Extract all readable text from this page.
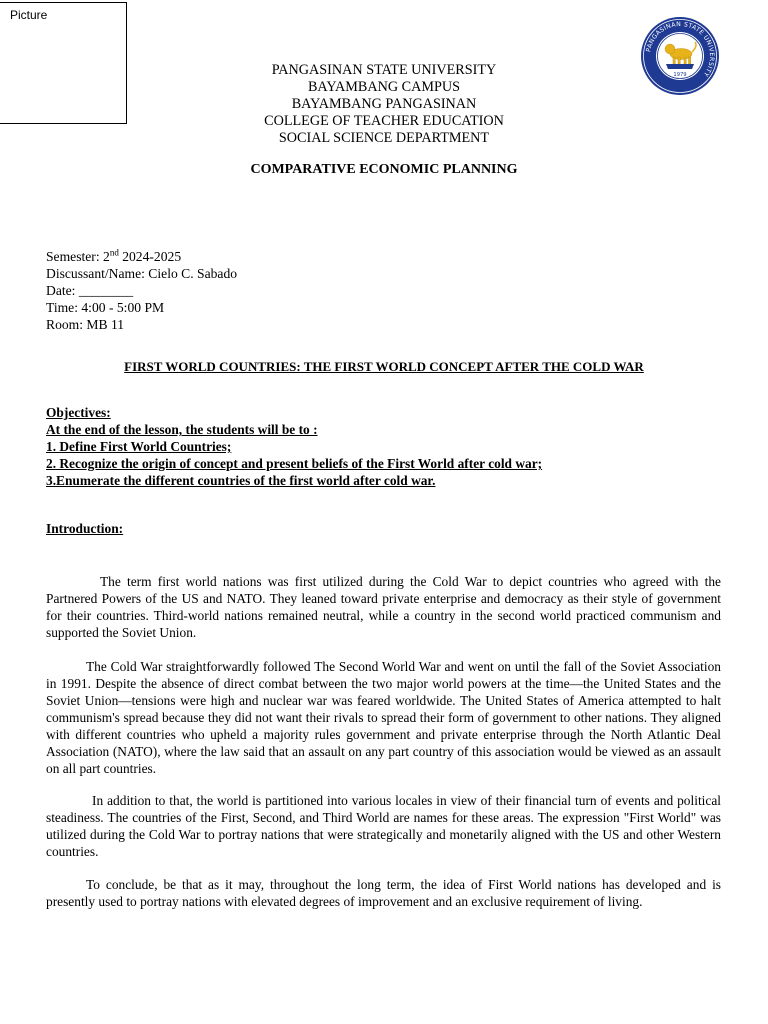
Picture
PANGASINAN STATE UNIVERSITY
1979
PANGASINAN STATE UNIVERSITY
BAYAMBANG CAMPUS
BAYAMBANG PANGASINAN
COLLEGE OF TEACHER EDUCATION
SOCIAL SCIENCE DEPARTMENT
COMPARATIVE ECONOMIC PLANNING
Semester: 2nd 2024-2025
Discussant/Name: Cielo C. Sabado
Date: ________
Time: 4:00 - 5:00 PM
Room: MB 11
FIRST WORLD COUNTRIES: THE FIRST WORLD CONCEPT AFTER THE COLD WAR
Objectives:
At the end of the lesson, the students will be to :
1. Define First World Countries;
2. Recognize the origin of concept and present beliefs of the First World after cold war;
3.Enumerate the different countries of the first world after cold war.
Introduction:
The term first world nations was first utilized during the Cold War to depict countries who agreed with the Partnered Powers of the US and NATO. They leaned toward private enterprise and democracy as their style of government for their countries. Third-world nations remained neutral, while a country in the second world practiced communism and supported the Soviet Union.
The Cold War straightforwardly followed The Second World War and went on until the fall of the Soviet Association in 1991. Despite the absence of direct combat between the two major world powers at the time—the United States and the Soviet Union—tensions were high and nuclear war was feared worldwide. The United States of America attempted to halt communism's spread because they did not want their rivals to spread their form of government to other nations. They aligned with different countries who upheld a majority rules government and private enterprise through the North Atlantic Deal Association (NATO), where the law said that an assault on any part country of this association would be viewed as an assault on all part countries.
In addition to that, the world is partitioned into various locales in view of their financial turn of events and political steadiness. The countries of the First, Second, and Third World are names for these areas. The expression "First World" was utilized during the Cold War to portray nations that were strategically and monetarily aligned with the US and other Western countries.
To conclude, be that as it may, throughout the long term, the idea of First World nations has developed and is presently used to portray nations with elevated degrees of improvement and an exclusive requirement of living.
